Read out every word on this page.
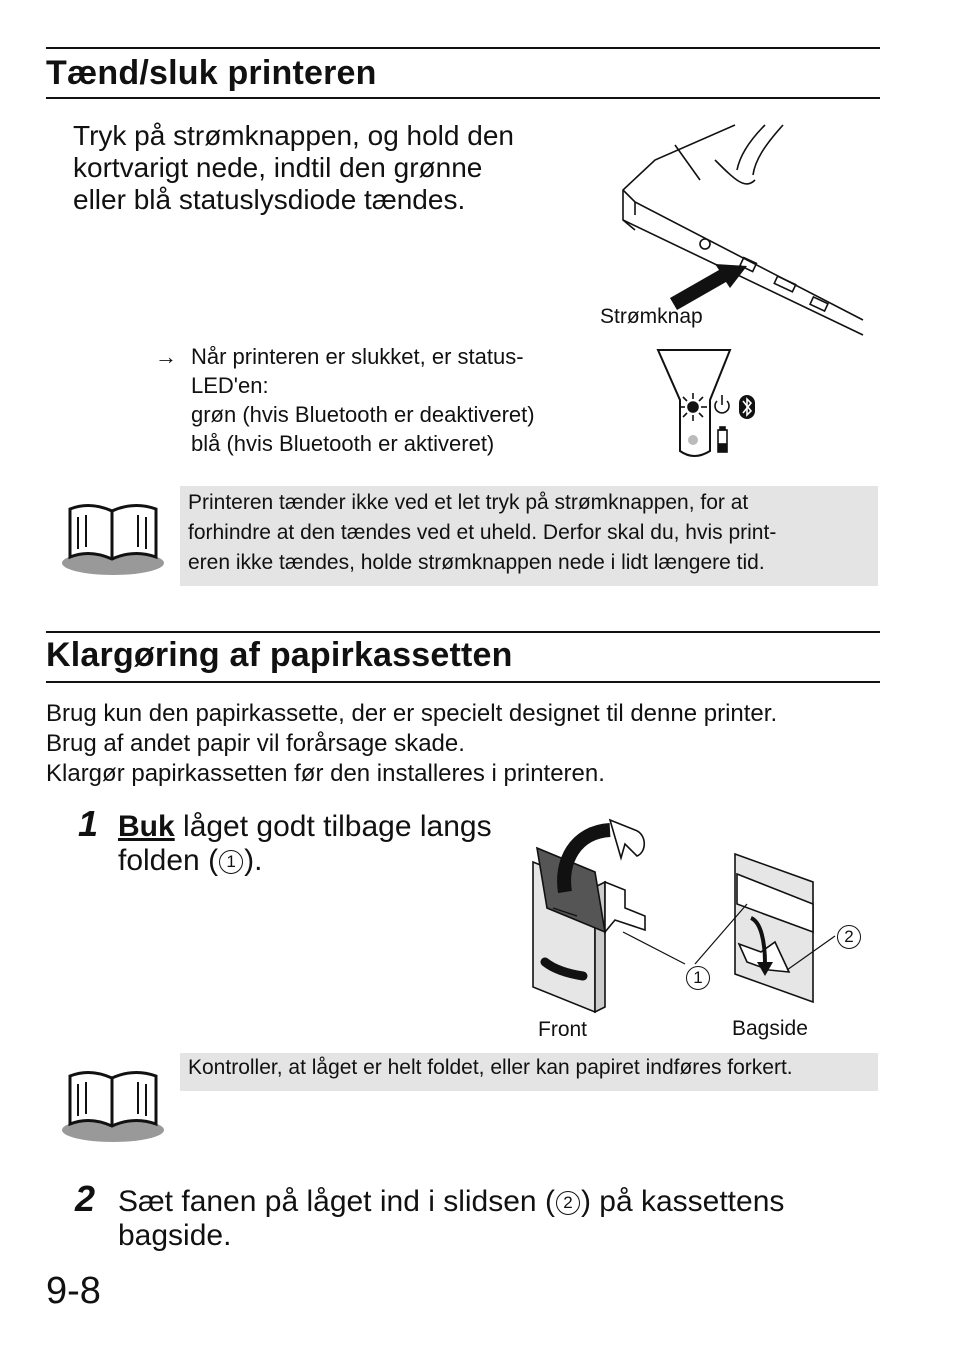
Tænd/sluk printeren
Tryk på strømknappen, og hold den
kortvarigt nede, indtil den grønne
eller blå statuslysdiode tændes.
Strømknap
→ Når printeren er slukket, er status-
LED'en:
grøn (hvis Bluetooth er deaktiveret)
blå (hvis Bluetooth er aktiveret)
Printeren tænder ikke ved et let tryk på strømknappen, for at
forhindre at den tændes ved et uheld. Derfor skal du, hvis print-
eren ikke tændes, holde strømknappen nede i lidt længere tid.
Klargøring af papirkassetten
Brug kun den papirkassette, der er specielt designet til denne printer.
Brug af andet papir vil forårsage skade.
Klargør papirkassetten før den installeres i printeren.
1 Buk låget godt tilbage langs
folden ( 1 ).
1
2
Front	Bagside
Kontroller, at låget er helt foldet, eller kan papiret indføres forkert.
2 Sæt fanen på låget ind i slidsen ( 2 ) på kassettens
bagside.
9-8
